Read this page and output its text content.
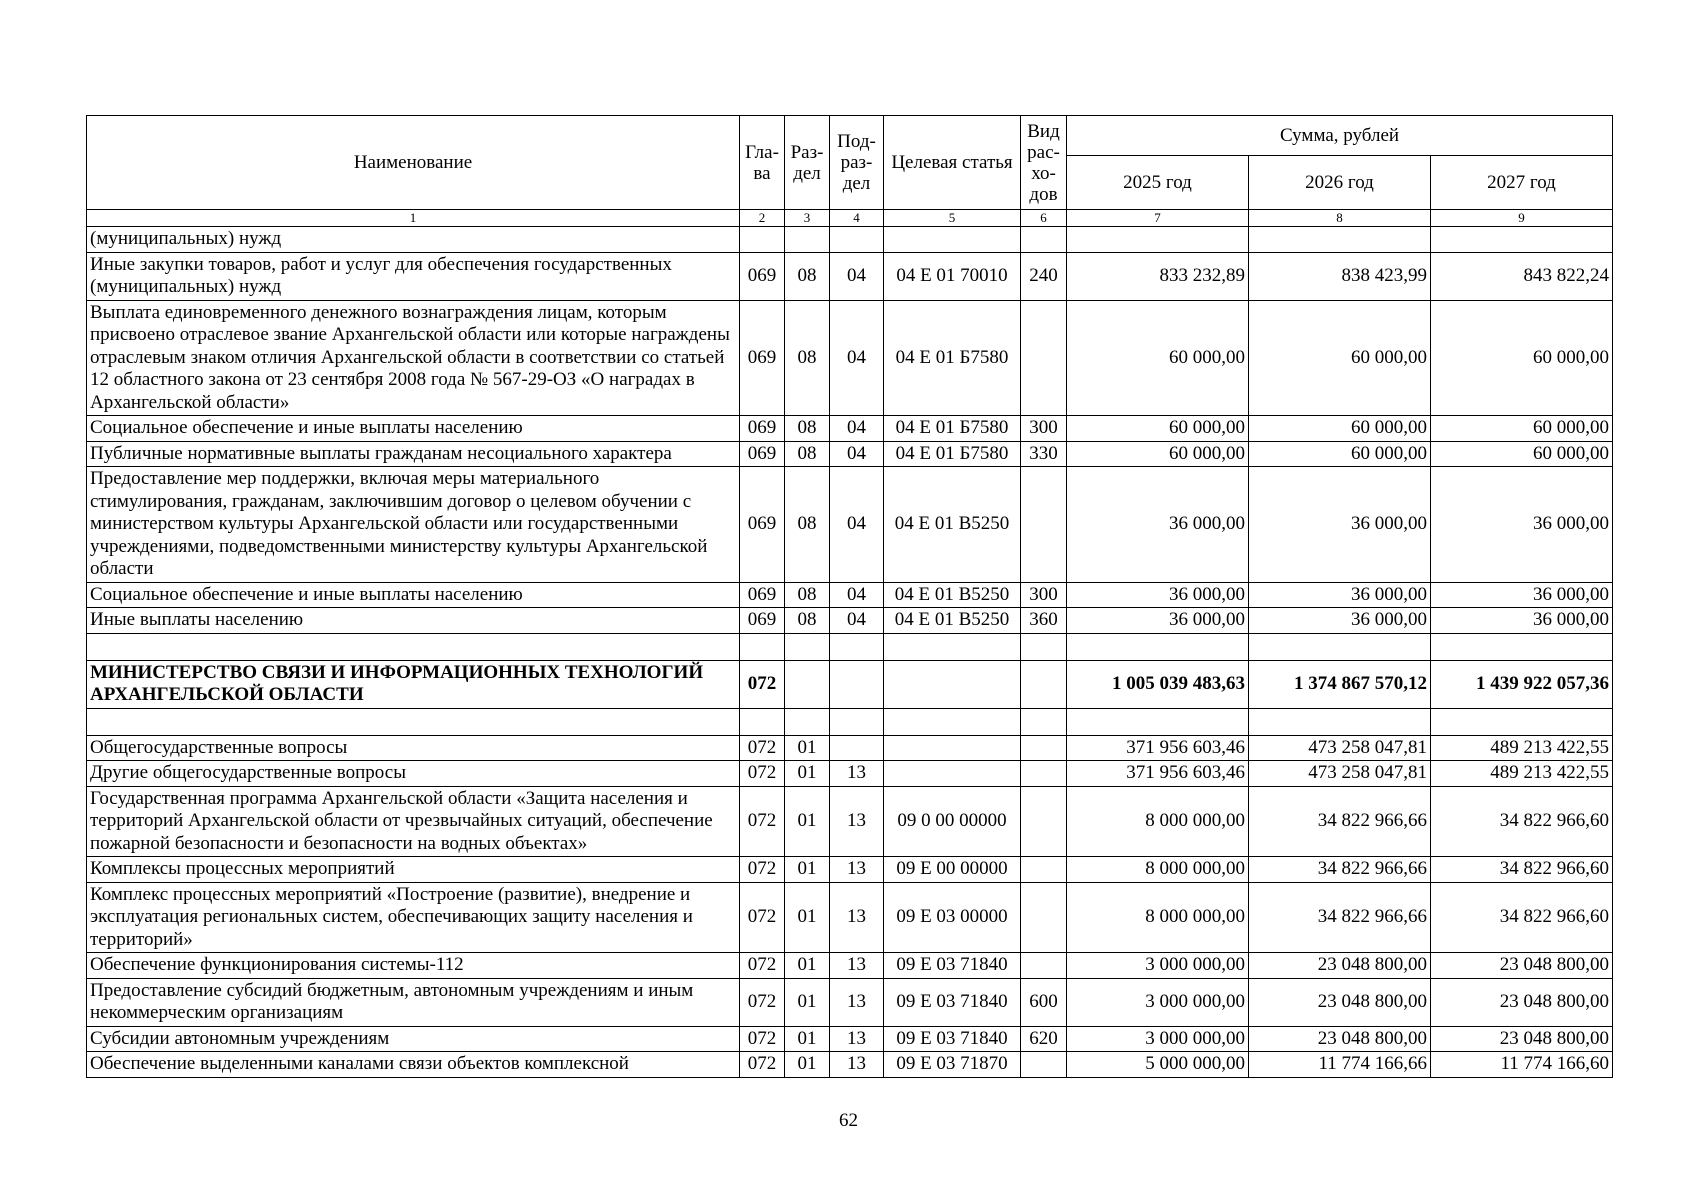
Наименование	Гла-ва	Раз-дел	Под-раз-дел	Целевая статья	Вид рас-хо-дов	Сумма, рублей		
						2025 год	2026 год	2027 год
1	2	3	4	5	6	7	8	9
(муниципальных) нужд								
Иные закупки товаров, работ и услуг для обеспечения государственных (муниципальных) нужд	069	08	04	04 Е 01 70010	240	833 232,89	838 423,99	843 822,24
Выплата единовременного денежного вознаграждения лицам, которым присвоено отраслевое звание Архангельской области или которые награждены отраслевым знаком отличия Архангельской области в соответствии со статьей 12 областного закона от 23 сентября 2008 года № 567-29-ОЗ «О наградах в Архангельской области»	069	08	04	04 Е 01 Б7580		60 000,00	60 000,00	60 000,00
Социальное обеспечение и иные выплаты населению	069	08	04	04 Е 01 Б7580	300	60 000,00	60 000,00	60 000,00
Публичные нормативные выплаты гражданам несоциального характера	069	08	04	04 Е 01 Б7580	330	60 000,00	60 000,00	60 000,00
Предоставление мер поддержки, включая меры материального стимулирования, гражданам, заключившим договор о целевом обучении с министерством культуры Архангельской области или государственными учреждениями, подведомственными министерству культуры Архангельской области	069	08	04	04 Е 01 В5250		36 000,00	36 000,00	36 000,00
Социальное обеспечение и иные выплаты населению	069	08	04	04 Е 01 В5250	300	36 000,00	36 000,00	36 000,00
Иные выплаты населению	069	08	04	04 Е 01 В5250	360	36 000,00	36 000,00	36 000,00

МИНИСТЕРСТВО СВЯЗИ И ИНФОРМАЦИОННЫХ ТЕХНОЛОГИЙ АРХАНГЕЛЬСКОЙ ОБЛАСТИ	072					1 005 039 483,63	1 374 867 570,12	1 439 922 057,36

Общегосударственные вопросы	072	01				371 956 603,46	473 258 047,81	489 213 422,55
Другие общегосударственные вопросы	072	01	13			371 956 603,46	473 258 047,81	489 213 422,55
Государственная программа Архангельской области «Защита населения и территорий Архангельской области от чрезвычайных ситуаций, обеспечение пожарной безопасности и безопасности на водных объектах»	072	01	13	09 0 00 00000		8 000 000,00	34 822 966,66	34 822 966,60
Комплексы процессных мероприятий	072	01	13	09 Е 00 00000		8 000 000,00	34 822 966,66	34 822 966,60
Комплекс процессных мероприятий «Построение (развитие), внедрение и эксплуатация региональных систем, обеспечивающих защиту населения и территорий»	072	01	13	09 Е 03 00000		8 000 000,00	34 822 966,66	34 822 966,60
Обеспечение функционирования системы-112	072	01	13	09 Е 03 71840		3 000 000,00	23 048 800,00	23 048 800,00
Предоставление субсидий бюджетным, автономным учреждениям и иным некоммерческим организациям	072	01	13	09 Е 03 71840	600	3 000 000,00	23 048 800,00	23 048 800,00
Субсидии автономным учреждениям	072	01	13	09 Е 03 71840	620	3 000 000,00	23 048 800,00	23 048 800,00
Обеспечение выделенными каналами связи объектов комплексной	072	01	13	09 Е 03 71870		5 000 000,00	11 774 166,66	11 774 166,60
62
